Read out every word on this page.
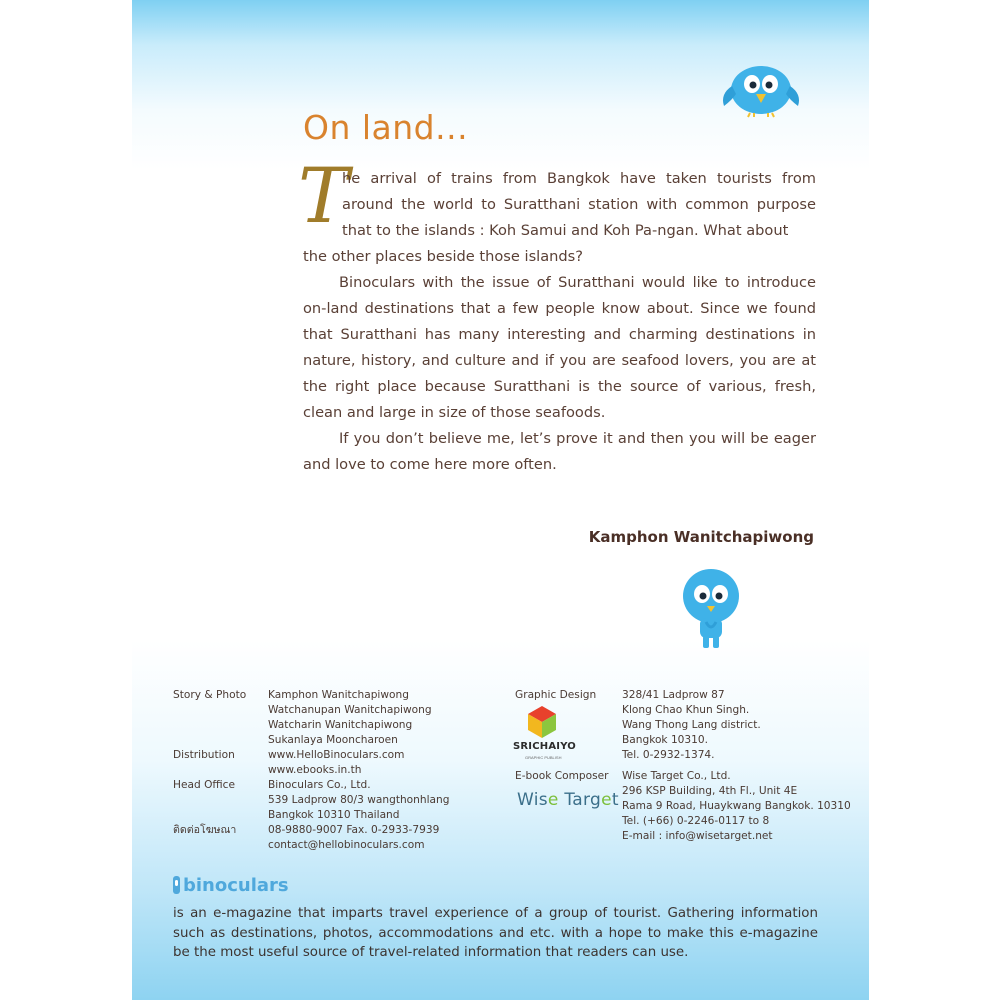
On land...
T

he arrival of trains from Bangkok have taken tourists from around the world to Suratthani station with common purpose that to the islands : Koh Samui and Koh Pa-ngan. What about

the other places beside those islands?

Binoculars with the issue of Suratthani would like to introduce on-land destinations that a few people know about. Since we found that Suratthani has many interesting and charming destinations in nature, history, and culture and if you are seafood lovers, you are at the right place because Suratthani is the source of various, fresh, clean and large in size of those seafoods.

If you don’t believe me, let’s prove it and then you will be eager and love to come here more often.

Kamphon Wanitchapiwong

Story & Photo Kamphon Wanitchapiwong
Watchanupan Wanitchapiwong
Watcharin Wanitchapiwong
Sukanlaya Mooncharoen
Distribution	www.HelloBinoculars.com
www.ebooks.in.th
Head Office	Binoculars Co., Ltd.
539 Ladprow 80/3 wangthonhlang
Bangkok 10310 Thailand
ติดต่อโฆษณา	08-9880-9007 Fax. 0-2933-7939
contact@hellobinoculars.com
Graphic Design 328/41 Ladprow 87
Klong Chao Khun Singh.
Wang Thong Lang district.
Bangkok 10310.
Tel. 0-2932-1374.
E-book Composer Wise Target Co., Ltd.
296 KSP Building, 4th Fl., Unit 4E
Rama 9 Road, Huaykwang Bangkok. 10310
Tel. (+66) 0-2246-0117 to 8
E-mail : info@wisetarget.net
SRICHAIYO
GRAPHIC PUBLISH
Wise Target
binoculars

is an e-magazine that imparts travel experience of a group of tourist. Gathering information such as destinations, photos, accommodations and etc. with a hope to make this e-magazine be the most useful source of travel-related information that readers can use.
